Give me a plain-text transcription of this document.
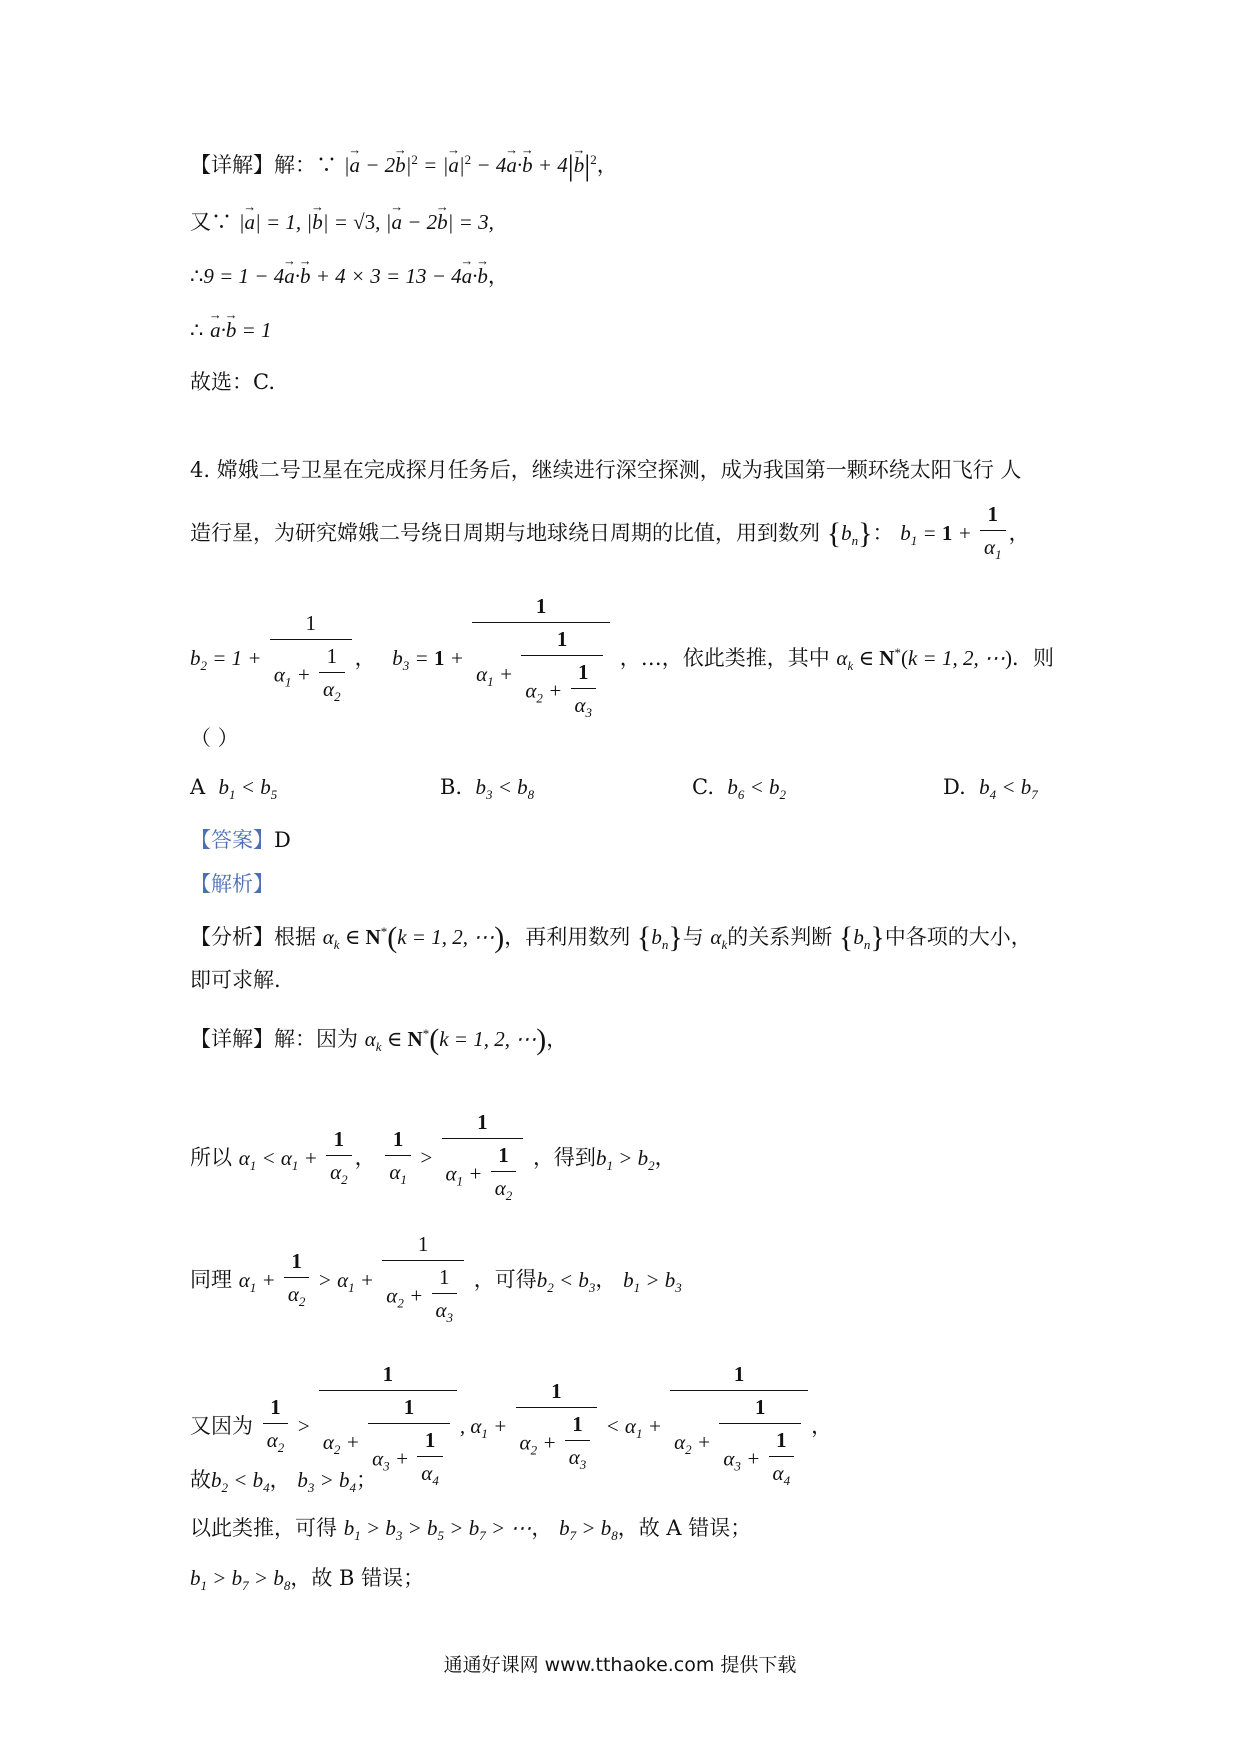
【详解】解：∵ |→ $a - 2\to b|^2$ = |→ $a|^2 - 4\to a\cdot\to b + 4|\to b|^2$，
又∵ |→ a| = 1, |→ b| = √3, |→ a − 2→ b| = 3,
∴9 = 1 − 4→ a·→ b + 4 × 3 = 13 − 4→ a·→ b，
∴ → a·→ b = 1
故选：C.
4. 嫦娥二号卫星在完成探月任务后，继续进行深空探测，成为我国第一颗环绕太阳飞行 人
造行星，为研究嫦娥二号绕日周期与地球绕日周期的比值，用到数列 $\{b_n\}$： $b_1 = 1 + \frac{1}{\alpha_1}$ ，
$b_2 = 1 + \frac{1}{\alpha_1 + \frac{1}{\alpha_2}}$ ， $b_3 = 1 + \frac{1}{\alpha_1 + \frac{1}{\alpha_2 + \frac{1}{\alpha_3}}}$ ，…，依此类推，其中 $\alpha_k$ ∈ N*(k = 1, 2, ⋯)．则
（ ）
A $b_1 < b_5$	B. $b_3 < b_8$	C. $b_6 < b_2$	D. $b_4 < b_7$
【答案】D
【解析】
【分析】根据 $\alpha_k$ ∈ N*(k = 1, 2, ⋯)，再利用数列 $\{b_n\}$与 $\alpha_k$的关系判断 $\{b_n\}$中各项的大小，
即可求解.
【详解】解：因为 $\alpha_k$ ∈ N*(k = 1, 2, ⋯)，
所以 $\alpha_1 < \alpha_1 + \frac{1}{\alpha_2}$ ， $\frac{1}{\alpha_1} > \frac{1}{\alpha_1 + \frac{1}{\alpha_2}}$ ，得到$b_1 > b_2$，
同理 $\alpha_1 + \frac{1}{\alpha_2} > \alpha_1 + \frac{1}{\alpha_2 + \frac{1}{\alpha_3}}$ ，可得$b_2 < b_3$， $b_1 > b_3$
又因为 $\frac{1}{\alpha_2} > \frac{1}{\alpha_2 + \frac{1}{\alpha_3 + \frac{1}{\alpha_4}}}$ , $\alpha_1 + \frac{1}{\alpha_2 + \frac{1}{\alpha_3}} < \alpha_1 + \frac{1}{\alpha_2 + \frac{1}{\alpha_3 + \frac{1}{\alpha_4}}}$ ，
故$b_2 < b_4$， $b_3 > b_4$；
以此类推，可得 $b_1 > b_3 > b_5 > b_7$ > ⋯， $b_7 > b_8$，故 A 错误；
$b_1 > b_7 > b_8$，故 B 错误；
通通好课网 www.tthaoke.com 提供下载
